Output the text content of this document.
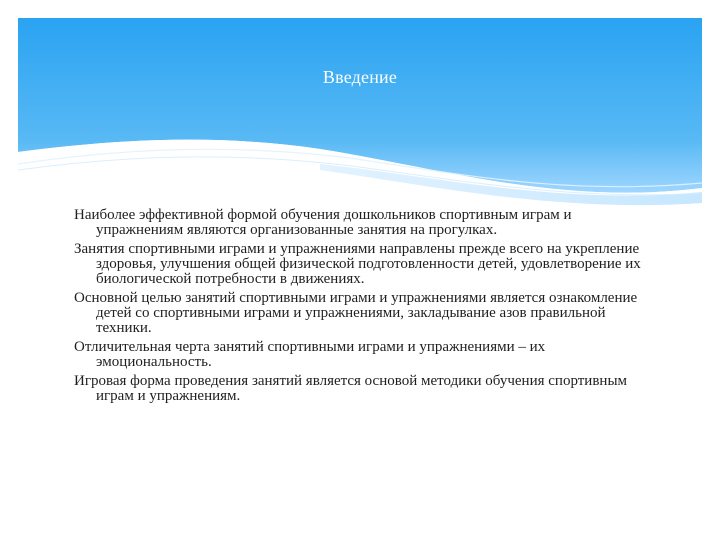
Введение

Наиболее эффективной формой обучения дошкольников спортивным играм и упражнениям являются организованные занятия на прогулках.

Занятия спортивными играми и упражнениями направлены прежде всего на укрепление здоровья, улучшения общей физической подготовленности детей, удовлетворение их биологической потребности в движениях.

Основной целью занятий спортивными играми и упражнениями является ознакомление детей со спортивными играми и упражнениями, закладывание азов правильной техники.

Отличительная черта занятий спортивными играми и упражнениями – их эмоциональность.

Игровая форма проведения занятий является основой методики обучения спортивным играм и упражнениям.
